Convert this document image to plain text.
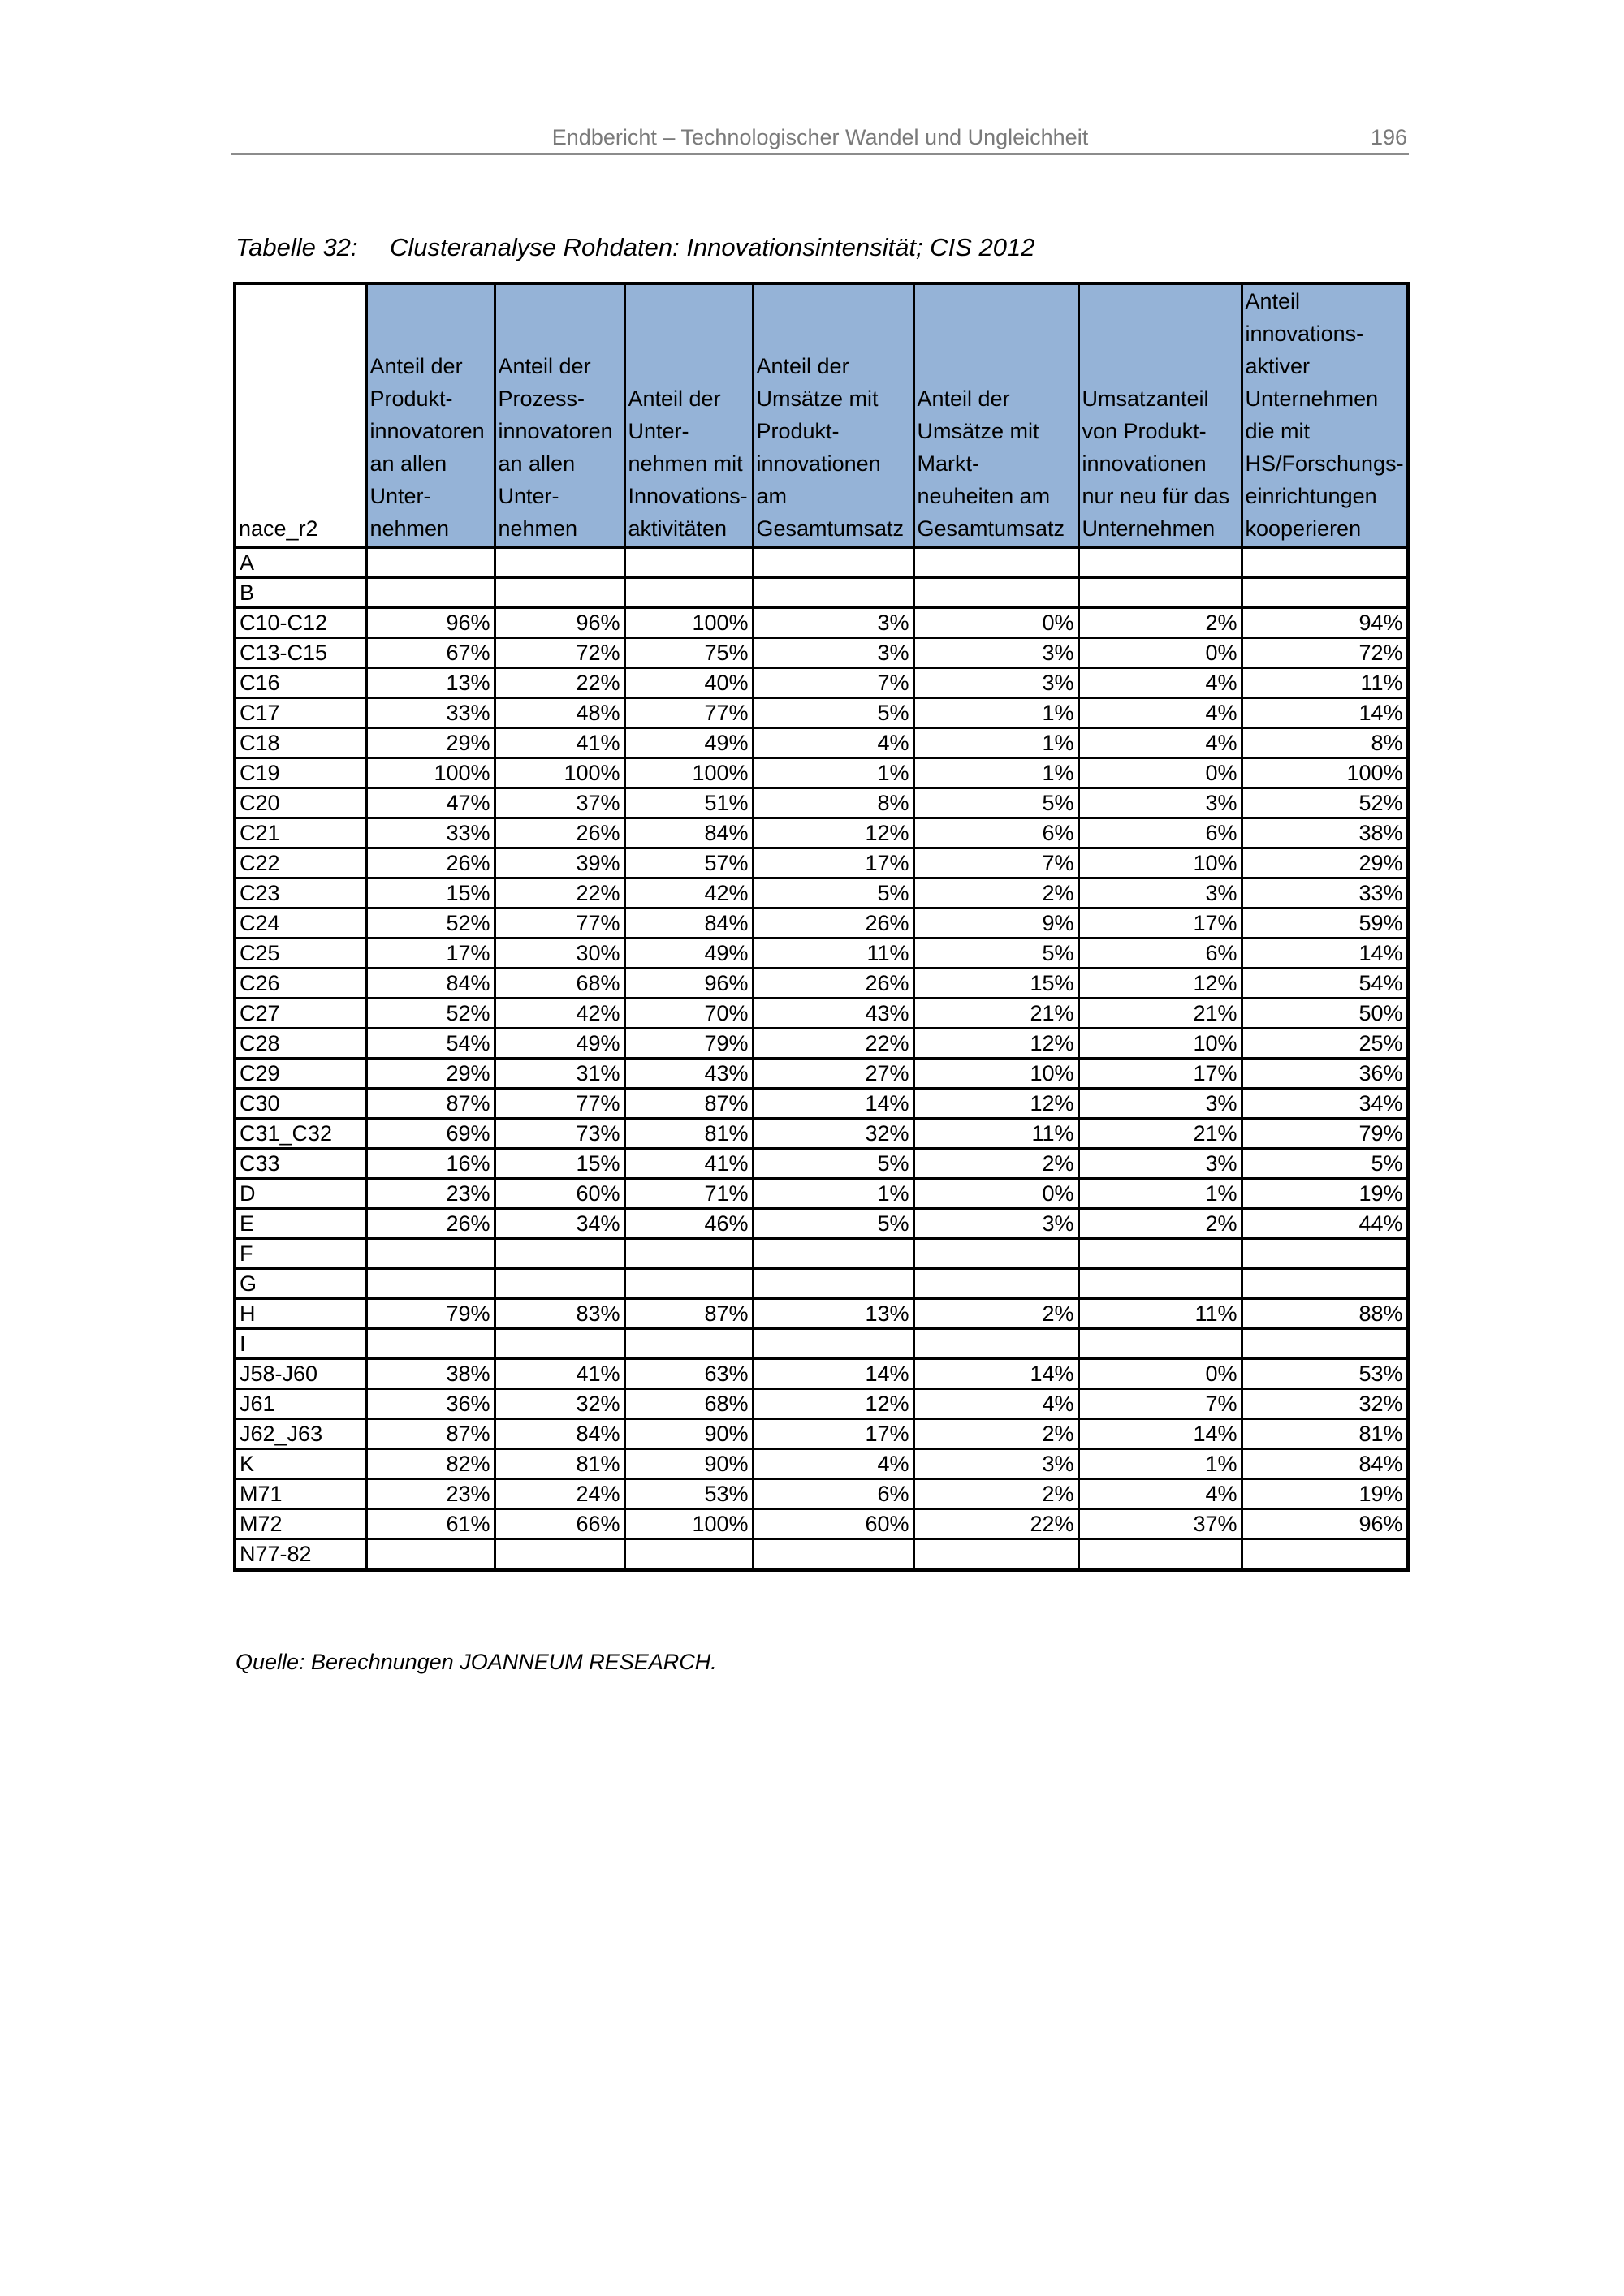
Endbericht – Technologischer Wandel und Ungleichheit	196
Tabelle 32: Clusteranalyse Rohdaten: Innovationsintensität; CIS 2012
nace_r2	Anteil der Produkt-innovatoren an allen Unter-nehmen	Anteil der Prozess-innovatoren an allen Unter-nehmen	Anteil der Unter-nehmen mit Innovations-aktivitäten	Anteil der Umsätze mit Produkt-innovationen am Gesamtumsatz	Anteil der Umsätze mit Markt-neuheiten am Gesamtumsatz	Umsatzanteil von Produkt-innovationen nur neu für das Unternehmen	Anteil innovations-aktiver Unternehmen die mit HS/Forschungs-einrichtungen kooperieren
A							
B							
C10-C12	96%	96%	100%	3%	0%	2%	94%
C13-C15	67%	72%	75%	3%	3%	0%	72%
C16	13%	22%	40%	7%	3%	4%	11%
C17	33%	48%	77%	5%	1%	4%	14%
C18	29%	41%	49%	4%	1%	4%	8%
C19	100%	100%	100%	1%	1%	0%	100%
C20	47%	37%	51%	8%	5%	3%	52%
C21	33%	26%	84%	12%	6%	6%	38%
C22	26%	39%	57%	17%	7%	10%	29%
C23	15%	22%	42%	5%	2%	3%	33%
C24	52%	77%	84%	26%	9%	17%	59%
C25	17%	30%	49%	11%	5%	6%	14%
C26	84%	68%	96%	26%	15%	12%	54%
C27	52%	42%	70%	43%	21%	21%	50%
C28	54%	49%	79%	22%	12%	10%	25%
C29	29%	31%	43%	27%	10%	17%	36%
C30	87%	77%	87%	14%	12%	3%	34%
C31_C32	69%	73%	81%	32%	11%	21%	79%
C33	16%	15%	41%	5%	2%	3%	5%
D	23%	60%	71%	1%	0%	1%	19%
E	26%	34%	46%	5%	3%	2%	44%
F							
G							
H	79%	83%	87%	13%	2%	11%	88%
I							
J58-J60	38%	41%	63%	14%	14%	0%	53%
J61	36%	32%	68%	12%	4%	7%	32%
J62_J63	87%	84%	90%	17%	2%	14%	81%
K	82%	81%	90%	4%	3%	1%	84%
M71	23%	24%	53%	6%	2%	4%	19%
M72	61%	66%	100%	60%	22%	37%	96%
N77-82							
Quelle: Berechnungen JOANNEUM RESEARCH.
